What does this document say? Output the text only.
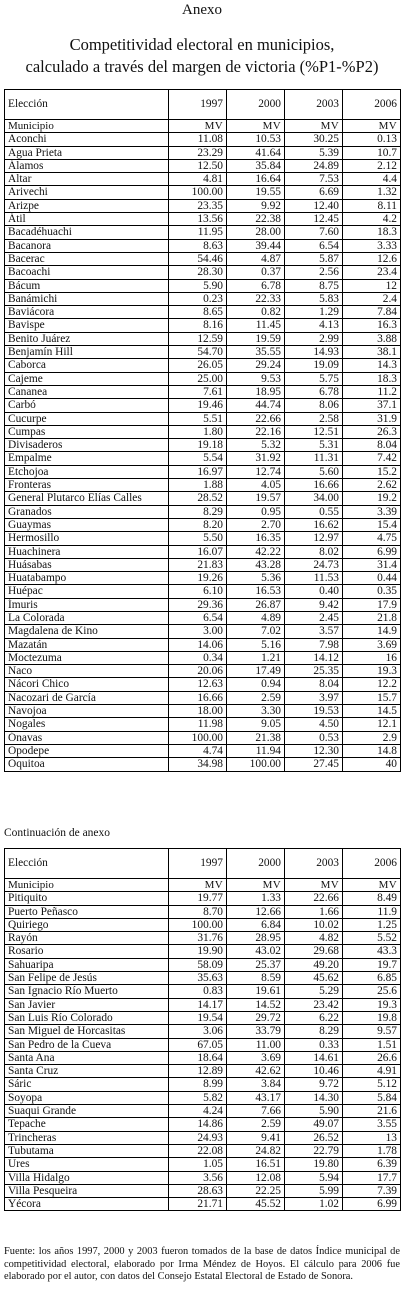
Anexo
Competitividad electoral en municipios,
calculado a través del margen de victoria (%P1-%P2)
Elección	1997	2000	2003	2006
Municipio	MV	MV	MV	MV
Aconchi	11.08	10.53	30.25	0.13
Agua Prieta	23.29	41.64	5.39	10.7
Álamos	12.50	35.84	24.89	2.12
Altar	4.81	16.64	7.53	4.4
Arivechi	100.00	19.55	6.69	1.32
Arizpe	23.35	9.92	12.40	8.11
Átil	13.56	22.38	12.45	4.2
Bacadéhuachi	11.95	28.00	7.60	18.3
Bacanora	8.63	39.44	6.54	3.33
Bacerac	54.46	4.87	5.87	12.6
Bacoachi	28.30	0.37	2.56	23.4
Bácum	5.90	6.78	8.75	12
Banámichi	0.23	22.33	5.83	2.4
Baviácora	8.65	0.82	1.29	7.84
Bavispe	8.16	11.45	4.13	16.3
Benito Juárez	12.59	19.59	2.99	3.88
Benjamín Hill	54.70	35.55	14.93	38.1
Caborca	26.05	29.24	19.09	14.3
Cajeme	25.00	9.53	5.75	18.3
Cananea	7.61	18.95	6.78	11.2
Carbó	19.46	44.74	8.06	37.1
Cucurpe	5.51	22.66	2.58	31.9
Cumpas	1.80	22.16	12.51	26.3
Divisaderos	19.18	5.32	5.31	8.04
Empalme	5.54	31.92	11.31	7.42
Etchojoa	16.97	12.74	5.60	15.2
Fronteras	1.88	4.05	16.66	2.62
General Plutarco Elías Calles	28.52	19.57	34.00	19.2
Granados	8.29	0.95	0.55	3.39
Guaymas	8.20	2.70	16.62	15.4
Hermosillo	5.50	16.35	12.97	4.75
Huachinera	16.07	42.22	8.02	6.99
Huásabas	21.83	43.28	24.73	31.4
Huatabampo	19.26	5.36	11.53	0.44
Huépac	6.10	16.53	0.40	0.35
Ímuris	29.36	26.87	9.42	17.9
La Colorada	6.54	4.89	2.45	21.8
Magdalena de Kino	3.00	7.02	3.57	14.9
Mazatán	14.06	5.16	7.98	3.69
Moctezuma	0.34	1.21	14.12	16
Naco	20.06	17.49	25.35	19.3
Nácori Chico	12.63	0.94	8.04	12.2
Nacozari de García	16.66	2.59	3.97	15.7
Navojoa	18.00	3.30	19.53	14.5
Nogales	11.98	9.05	4.50	12.1
Ónavas	100.00	21.38	0.53	2.9
Opodepe	4.74	11.94	12.30	14.8
Oquitoa	34.98	100.00	27.45	40
Continuación de anexo
Elección	1997	2000	2003	2006
Municipio	MV	MV	MV	MV
Pitiquito	19.77	1.33	22.66	8.49
Puerto Peñasco	8.70	12.66	1.66	11.9
Quiriego	100.00	6.84	10.02	1.25
Rayón	31.76	28.95	4.82	5.52
Rosario	19.90	43.02	29.68	43.3
Sahuaripa	58.09	25.37	49.20	19.7
San Felipe de Jesús	35.63	8.59	45.62	6.85
San Ignacio Río Muerto	0.83	19.61	5.29	25.6
San Javier	14.17	14.52	23.42	19.3
San Luis Río Colorado	19.54	29.72	6.22	19.8
San Miguel de Horcasitas	3.06	33.79	8.29	9.57
San Pedro de la Cueva	67.05	11.00	0.33	1.51
Santa Ana	18.64	3.69	14.61	26.6
Santa Cruz	12.89	42.62	10.46	4.91
Sáric	8.99	3.84	9.72	5.12
Soyopa	5.82	43.17	14.30	5.84
Suaqui Grande	4.24	7.66	5.90	21.6
Tepache	14.86	2.59	49.07	3.55
Trincheras	24.93	9.41	26.52	13
Tubutama	22.08	24.82	22.79	1.78
Ures	1.05	16.51	19.80	6.39
Villa Hidalgo	3.56	12.08	5.94	17.7
Villa Pesqueira	28.63	22.25	5.99	7.39
Yécora	21.71	45.52	1.02	6.99
Fuente: los años 1997, 2000 y 2003 fueron tomados de la base de datos Índice municipal de competitividad electoral, elaborado por Irma Méndez de Hoyos. El cálculo para 2006 fue elaborado por el autor, con datos del Consejo Estatal Electoral de Estado de Sonora.
